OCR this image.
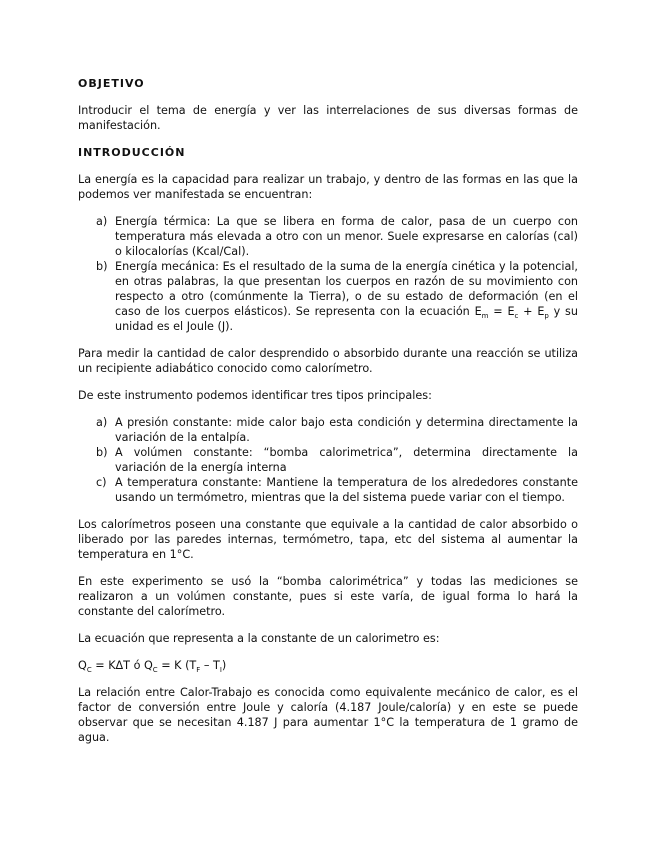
OBJETIVO

Introducir el tema de energía y ver las interrelaciones de sus diversas formas de manifestación.

INTRODUCCIÓN

La energía es la capacidad para realizar un trabajo, y dentro de las formas en las que la podemos ver manifestada se encuentran:

a) Energía térmica: La que se libera en forma de calor, pasa de un cuerpo con temperatura más elevada a otro con un menor. Suele expresarse en calorías (cal) o kilocalorías (Kcal/Cal).
b) Energía mecánica: Es el resultado de la suma de la energía cinética y la potencial, en otras palabras, la que presentan los cuerpos en razón de su movimiento con respecto a otro (comúnmente la Tierra), o de su estado de deformación (en el caso de los cuerpos elásticos). Se representa con la ecuación $E_m = E_c + E_p$ y su unidad es el Joule (J).

Para medir la cantidad de calor desprendido o absorbido durante una reacción se utiliza un recipiente adiabático conocido como calorímetro.

De este instrumento podemos identificar tres tipos principales:

a) A presión constante: mide calor bajo esta condición y determina directamente la variación de la entalpía.
b) A volúmen constante: “bomba calorimetrica”, determina directamente la variación de la energía interna
c) A temperatura constante: Mantiene la temperatura de los alrededores constante usando un termómetro, mientras que la del sistema puede variar con el tiempo.

Los calorímetros poseen una constante que equivale a la cantidad de calor absorbido o liberado por las paredes internas, termómetro, tapa, etc del sistema al aumentar la temperatura en 1°C.

En este experimento se usó la “bomba calorimétrica” y todas las mediciones se realizaron a un volúmen constante, pues si este varía, de igual forma lo hará la constante del calorímetro.

La ecuación que representa a la constante de un calorimetro es:

$Q_C = K\Delta T$ ó $Q_C = K$ $(T_F - T_I)$

La relación entre Calor-Trabajo es conocida como equivalente mecánico de calor, es el factor de conversión entre Joule y caloría (4.187 Joule/caloría) y en este se puede observar que se necesitan 4.187 J para aumentar 1°C la temperatura de 1 gramo de agua.
